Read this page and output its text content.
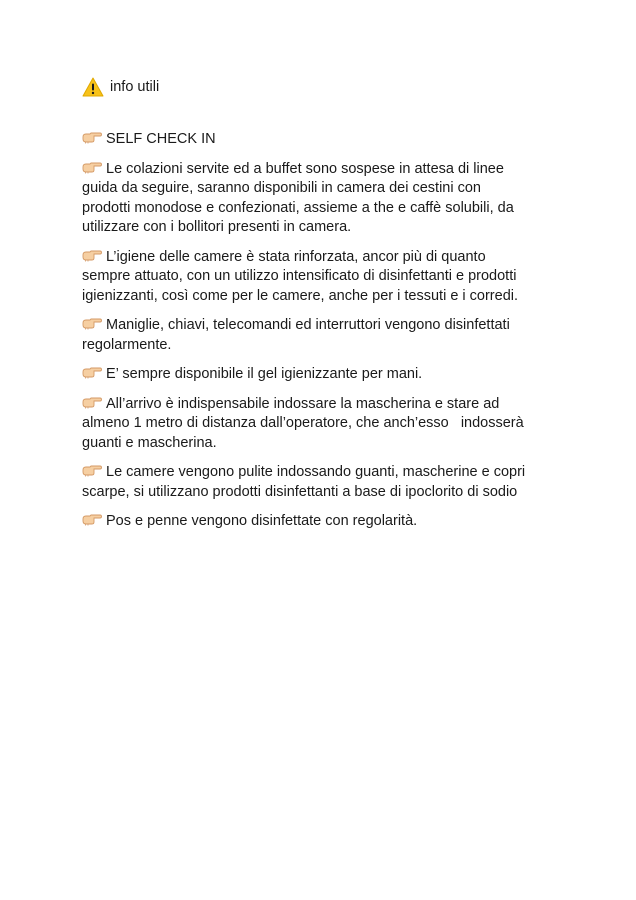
info utili
SELF CHECK IN
Le colazioni servite ed a buffet sono sospese in attesa di linee
guida da seguire, saranno disponibili in camera dei cestini con
prodotti monodose e confezionati, assieme a the e caffè solubili, da
utilizzare con i bollitori presenti in camera.
L’igiene delle camere è stata rinforzata, ancor più di quanto
sempre attuato, con un utilizzo intensificato di disinfettanti e prodotti
igienizzanti, così come per le camere, anche per i tessuti e i corredi.
Maniglie, chiavi, telecomandi ed interruttori vengono disinfettati
regolarmente.
E’ sempre disponibile il gel igienizzante per mani.
All’arrivo è indispensabile indossare la mascherina e stare ad
almeno 1 metro di distanza dall’operatore, che anch’esso   indosserà
guanti e mascherina.
Le camere vengono pulite indossando guanti, mascherine e copri
scarpe, si utilizzano prodotti disinfettanti a base di ipoclorito di sodio
Pos e penne vengono disinfettate con regolarità.
